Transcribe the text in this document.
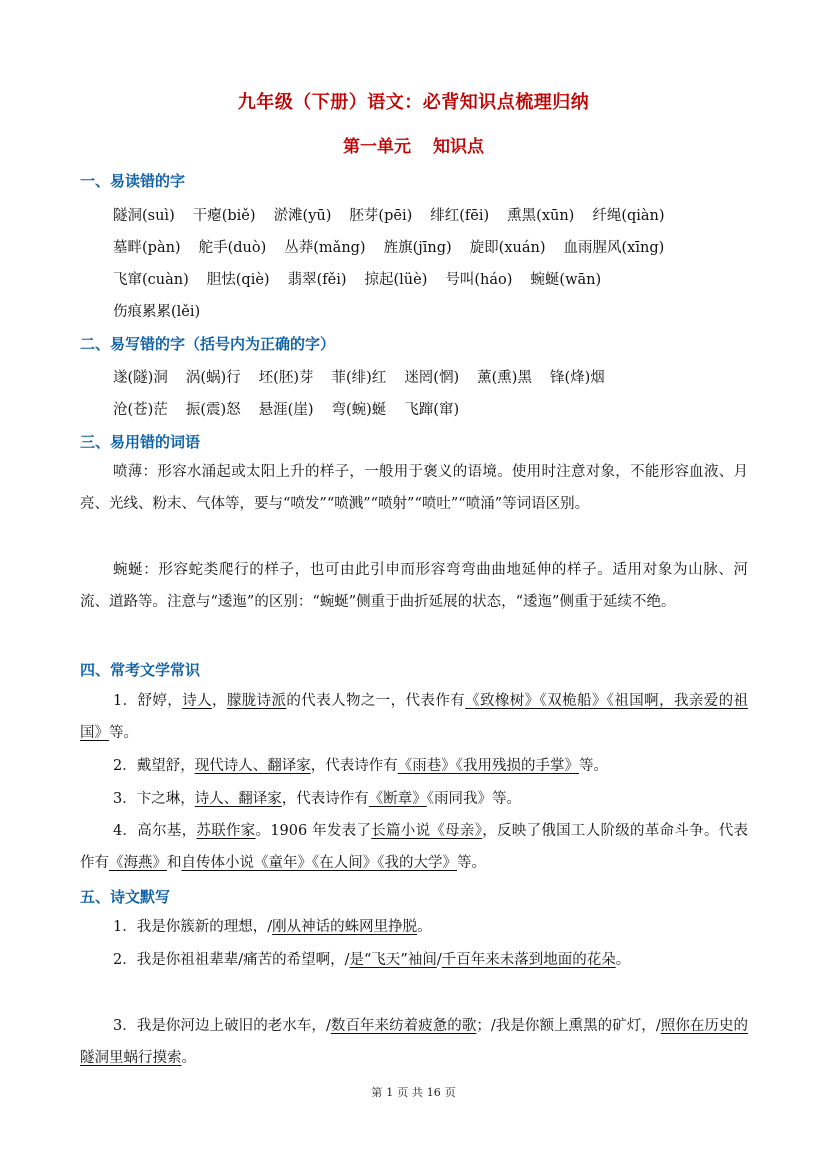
九年级（下册）语文：必背知识点梳理归纳
第一单元 知识点
一、易读错的字
隧洞(suì) 干瘪(biě) 淤滩(yū) 胚芽(pēi) 绯红(fēi) 熏黑(xūn) 纤绳(qiàn)
墓畔(pàn) 舵手(duò) 丛莽(mǎng) 旌旗(jīng) 旋即(xuán) 血雨腥风(xīng)
飞窜(cuàn) 胆怯(qiè) 翡翠(fěi) 掠起(lüè) 号叫(háo) 蜿蜒(wān)
伤痕累累(lěi)
二、易写错的字（括号内为正确的字）
遂(隧)洞 涡(蜗)行 坯(胚)芽 菲(绯)红 迷罔(惘) 薰(熏)黑 锋(烽)烟
沧(苍)茫 振(震)怒 悬涯(崖) 弯(蜿)蜒 飞蹿(窜)
三、易用错的词语
喷薄：形容水涌起或太阳上升的样子，一般用于褒义的语境。使用时注意对象，不能形容血液、月亮、光线、粉末、气体等，要与“喷发”“喷溅”“喷射”“喷吐”“喷涌”等词语区别。
蜿蜒：形容蛇类爬行的样子，也可由此引申而形容弯弯曲曲地延伸的样子。适用对象为山脉、河流、道路等。注意与“逶迤”的区别：“蜿蜒”侧重于曲折延展的状态，“逶迤”侧重于延续不绝。
四、常考文学常识
1．舒婷，诗人，朦胧诗派的代表人物之一，代表作有《致橡树》《双桅船》《祖国啊，我亲爱的祖国》等。
2．戴望舒，现代诗人、翻译家，代表诗作有《雨巷》《我用残损的手掌》等。
3．卞之琳，诗人、翻译家，代表诗作有《断章》《雨同我》等。
4．高尔基，苏联作家。1906 年发表了长篇小说《母亲》，反映了俄国工人阶级的革命斗争。代表作有《海燕》和自传体小说《童年》《在人间》《我的大学》等。
五、诗文默写
1．我是你簇新的理想，/刚从神话的蛛网里挣脱。
2．我是你祖祖辈辈/痛苦的希望啊，/是“飞天”袖间/千百年来未落到地面的花朵。
3．我是你河边上破旧的老水车，/数百年来纺着疲惫的歌；/我是你额上熏黑的矿灯，/照你在历史的隧洞里蜗行摸索。
第 1 页 共 16 页
